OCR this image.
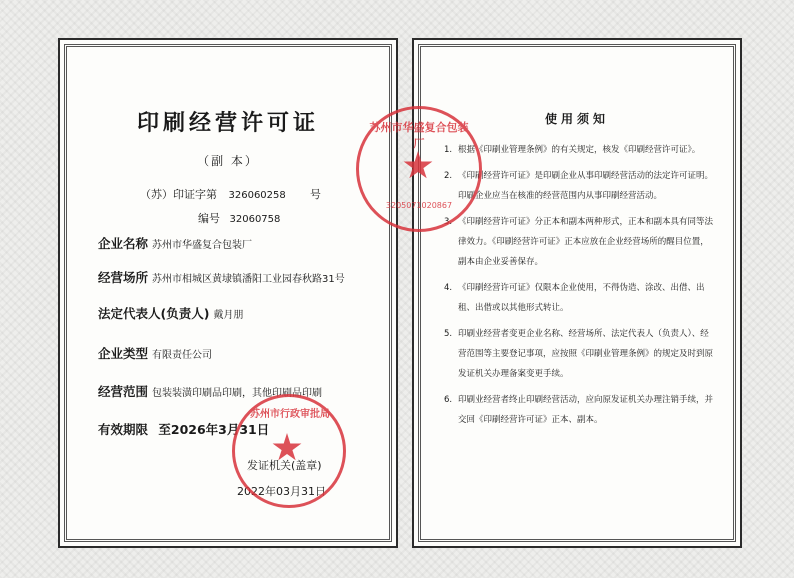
印刷经营许可证
（副 本）
（苏）印证字第 326060258 号
编号 32060758
企业名称 苏州市华盛复合包装厂
经营场所 苏州市相城区黄埭镇潘阳工业园春秋路31号
法定代表人(负责人) 戴月朋
企业类型 有限责任公司
经营范围 包装装潢印刷品印刷，其他印刷品印刷
有效期限 至2026年3月31日
发证机关(盖章)
2022年03月31日
苏州市行政审批局
使用须知
1. 根据《印刷业管理条例》的有关规定，核发《印刷经营许可证》。
2. 《印刷经营许可证》是印刷企业从事印刷经营活动的法定许可证明。印刷企业应当在核准的经营范围内从事印刷经营活动。
3. 《印刷经营许可证》分正本和副本两种形式，正本和副本具有同等法律效力。《印刷经营许可证》正本应放在企业经营场所的醒目位置，副本由企业妥善保存。
4. 《印刷经营许可证》仅限本企业使用，不得伪造、涂改、出借、出租、出借或以其他形式转让。
5. 印刷业经营者变更企业名称、经营场所、法定代表人（负责人）、经营范围等主要登记事项，应按照《印刷业管理条例》的规定及时到原发证机关办理备案变更手续。
6. 印刷业经营者终止印刷经营活动，应向原发证机关办理注销手续，并交回《印刷经营许可证》正本、副本。
苏州市华盛复合包装厂
3205071020867
